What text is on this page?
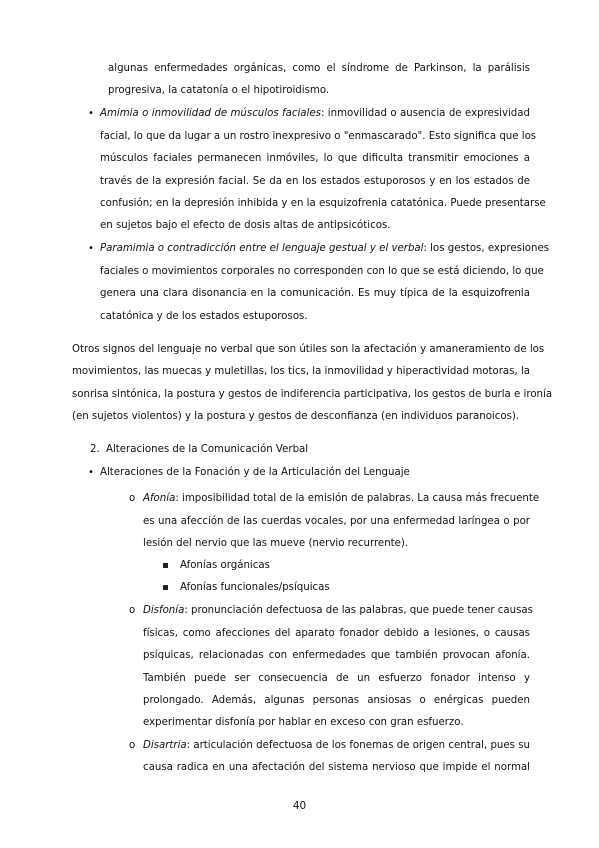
algunas enfermedades orgánicas, como el síndrome de Parkinson, la parálisis
progresiva, la catatonía o el hipotiroidismo.
• Amimia o inmovilidad de músculos faciales: inmovilidad o ausencia de expresividad
facial, lo que da lugar a un rostro inexpresivo o "enmascarado". Esto significa que los
músculos faciales permanecen inmóviles, lo que dificulta transmitir emociones a
través de la expresión facial. Se da en los estados estuporosos y en los estados de
confusión; en la depresión inhibida y en la esquizofrenia catatónica. Puede presentarse
en sujetos bajo el efecto de dosis altas de antipsicóticos.
• Paramimia o contradicción entre el lenguaje gestual y el verbal: los gestos, expresiones
faciales o movimientos corporales no corresponden con lo que se está diciendo, lo que
genera una clara disonancia en la comunicación. Es muy típica de la esquizofrenia
catatónica y de los estados estuporosos.
Otros signos del lenguaje no verbal que son útiles son la afectación y amaneramiento de los
movimientos, las muecas y muletillas, los tics, la inmovilidad y hiperactividad motoras, la
sonrisa sintónica, la postura y gestos de indiferencia participativa, los gestos de burla e ironía
(en sujetos violentos) y la postura y gestos de desconfianza (en individuos paranoicos).
2. Alteraciones de la Comunicación Verbal
• Alteraciones de la Fonación y de la Articulación del Lenguaje
o Afonía: imposibilidad total de la emisión de palabras. La causa más frecuente
es una afección de las cuerdas vocales, por una enfermedad laríngea o por
lesión del nervio que las mueve (nervio recurrente).
Afonías orgánicas
Afonías funcionales/psíquicas
o Disfonía: pronunciación defectuosa de las palabras, que puede tener causas
físicas, como afecciones del aparato fonador debido a lesiones, o causas
psíquicas, relacionadas con enfermedades que también provocan afonía.
También puede ser consecuencia de un esfuerzo fonador intenso y
prolongado. Además, algunas personas ansiosas o enérgicas pueden
experimentar disfonía por hablar en exceso con gran esfuerzo.
o Disartria: articulación defectuosa de los fonemas de origen central, pues su
causa radica en una afectación del sistema nervioso que impide el normal
40
